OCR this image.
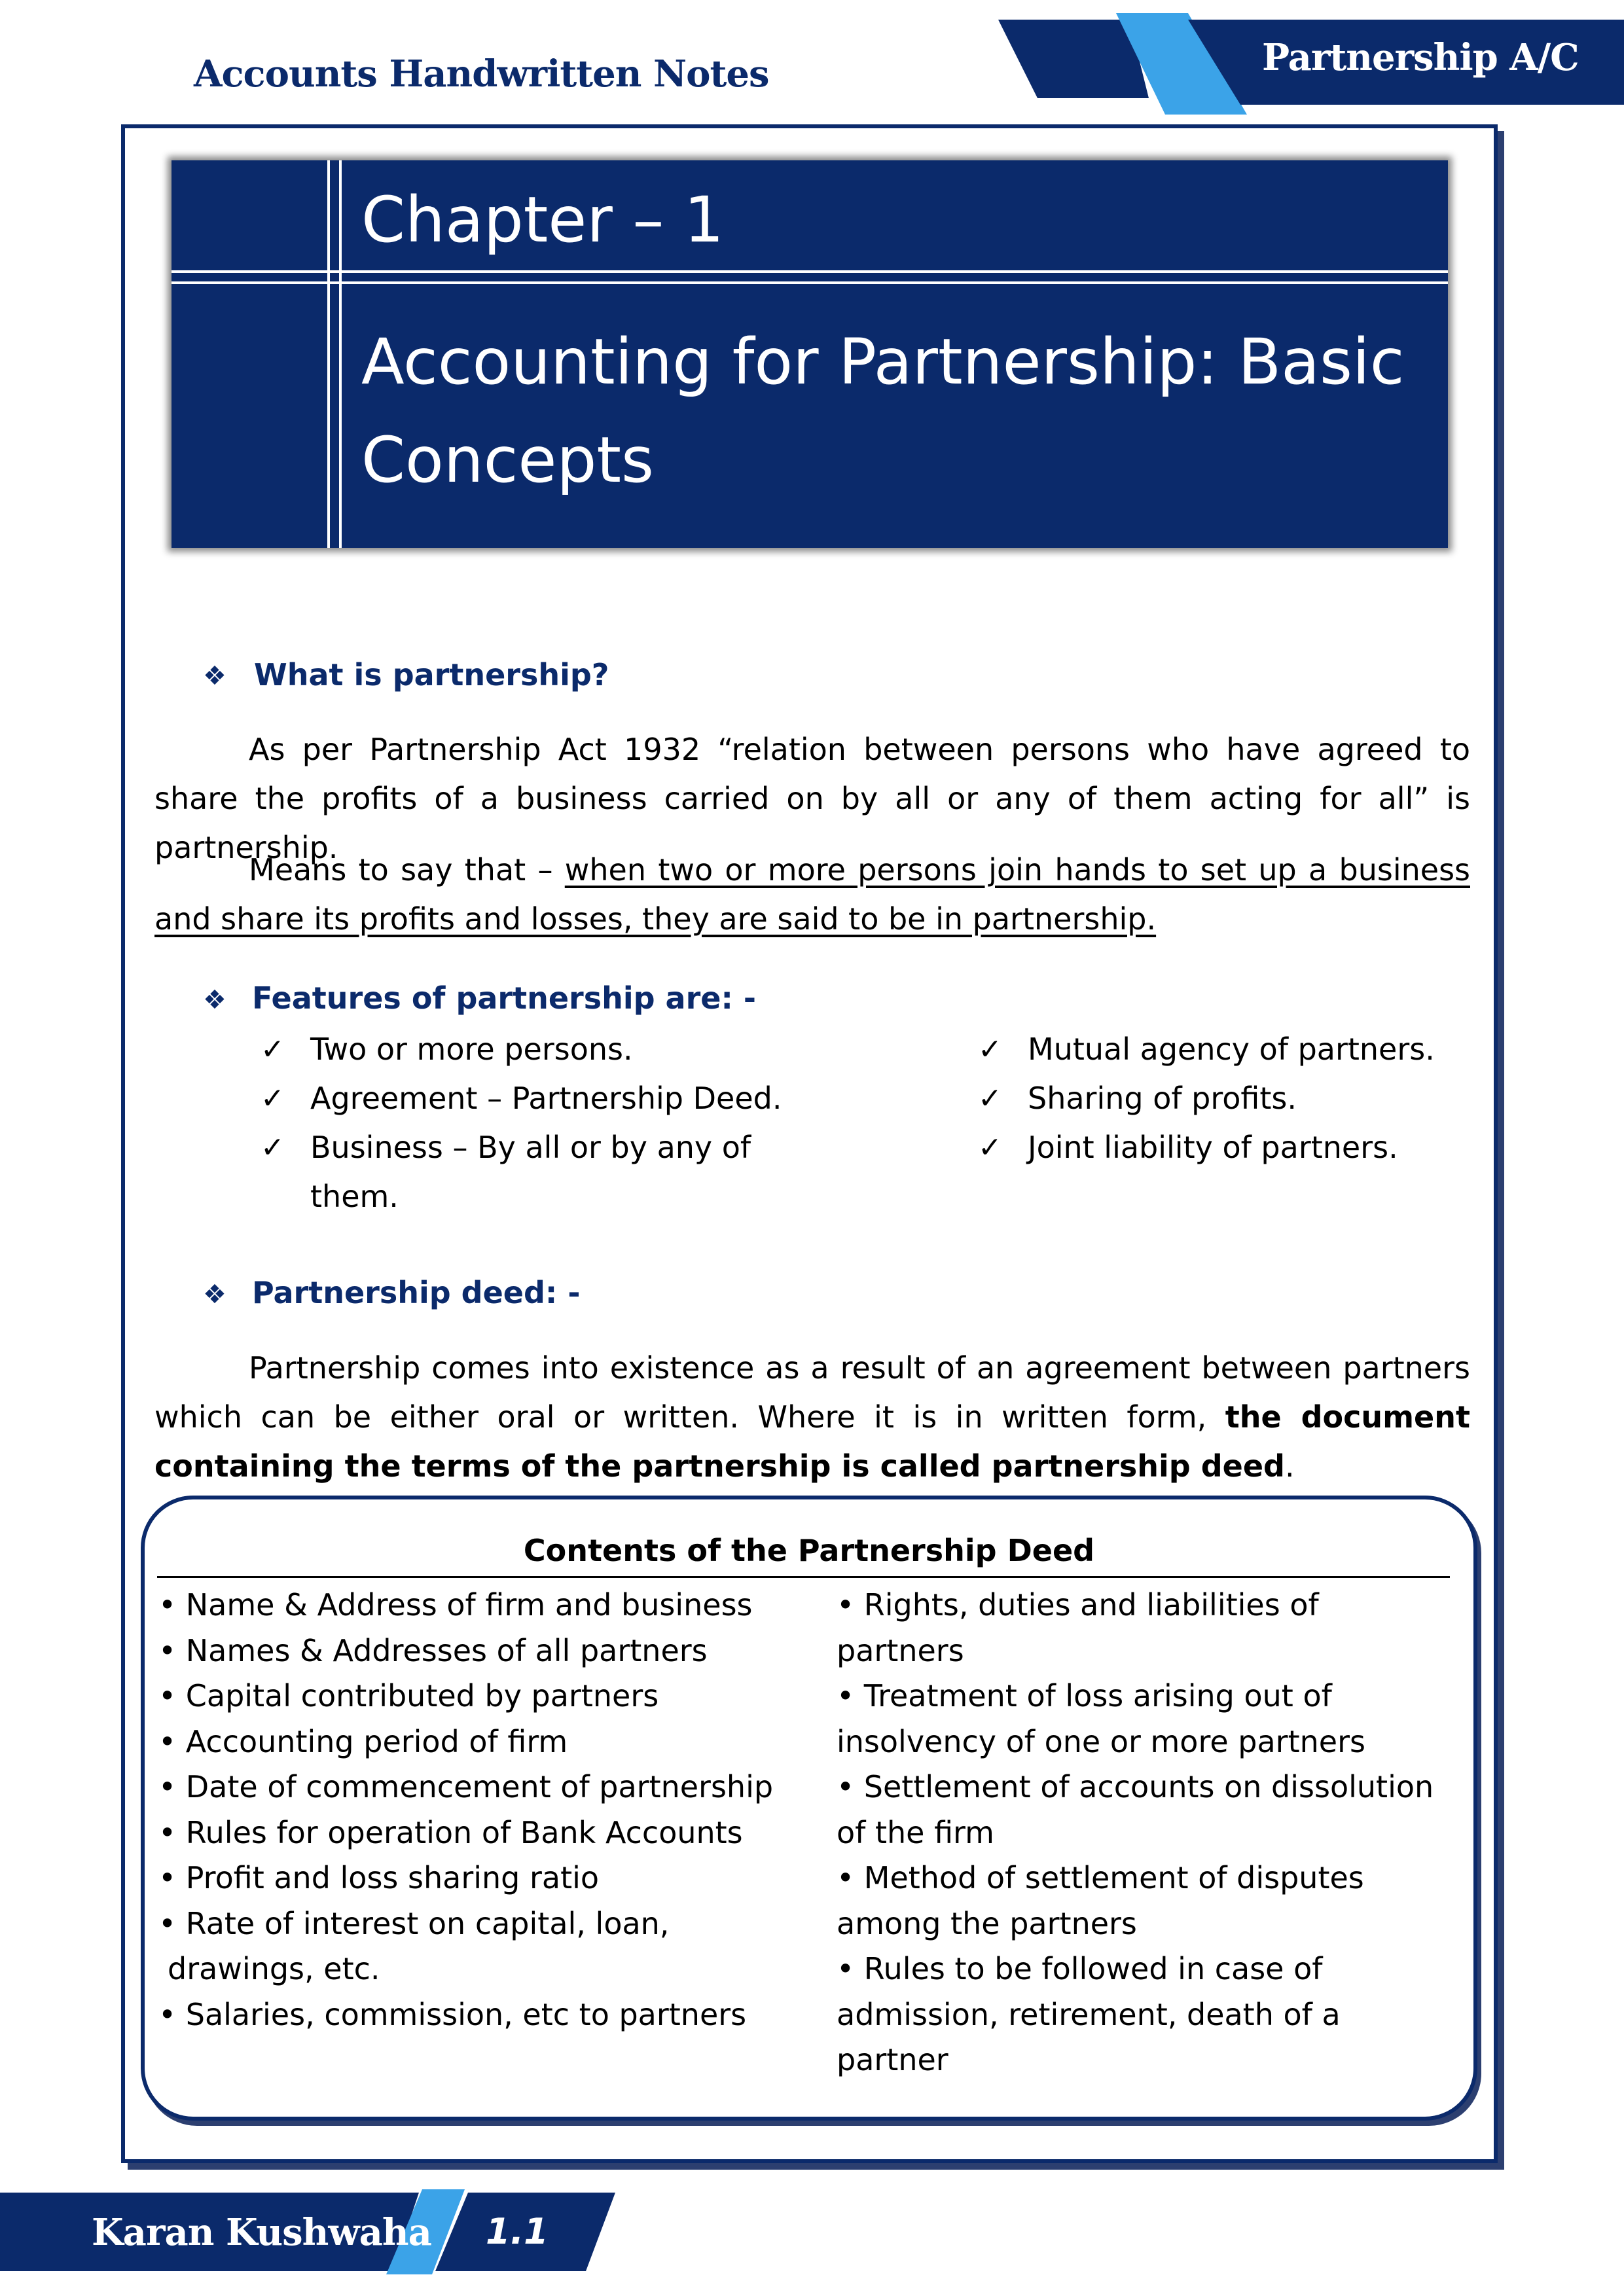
Accounts Handwritten Notes	Partnership A/C
Chapter – 1
Accounting for Partnership: Basic Concepts
❖ What is partnership?
As per Partnership Act 1932 “relation between persons who have agreed to share the profits of a business carried on by all or any of them acting for all” is partnership.
Means to say that – when two or more persons join hands to set up a business and share its profits and losses, they are said to be in partnership.
❖ Features of partnership are: -
✓ Two or more persons.
✓ Agreement – Partnership Deed.
✓ Business – By all or by any of them.
✓ Mutual agency of partners.
✓ Sharing of profits.
✓ Joint liability of partners.
❖ Partnership deed: -
Partnership comes into existence as a result of an agreement between partners which can be either oral or written. Where it is in written form, the document containing the terms of the partnership is called partnership deed.
Contents of the Partnership Deed
• Name & Address of firm and business
• Names & Addresses of all partners
• Capital contributed by partners
• Accounting period of firm
• Date of commencement of partnership
• Rules for operation of Bank Accounts
• Profit and loss sharing ratio
• Rate of interest on capital, loan,
drawings, etc.
• Salaries, commission, etc to partners
• Rights, duties and liabilities of
partners
• Treatment of loss arising out of
insolvency of one or more partners
• Settlement of accounts on dissolution
of the firm
• Method of settlement of disputes
among the partners
• Rules to be followed in case of
admission, retirement, death of a
partner
Karan Kushwaha 1.1
